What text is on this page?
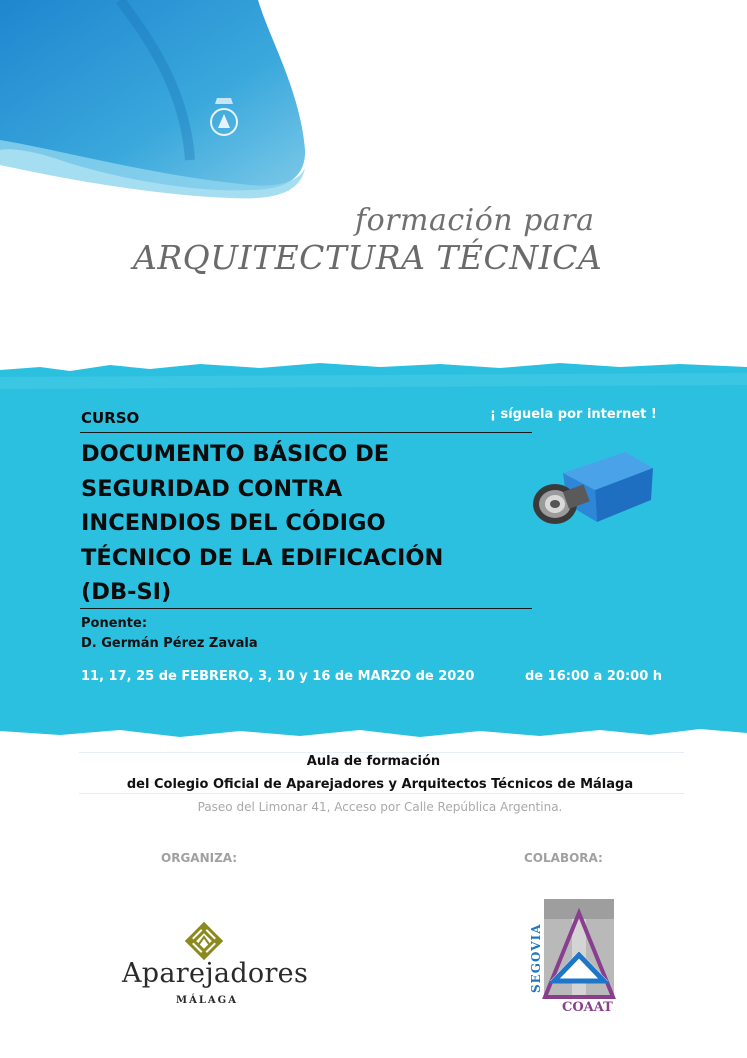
formación para
ARQUITECTURA TÉCNICA
CURSO	¡ síguela por internet !
DOCUMENTO BÁSICO DE
SEGURIDAD CONTRA
INCENDIOS DEL CÓDIGO
TÉCNICO DE LA EDIFICACIÓN
(DB-SI)
Ponente:
D. Germán Pérez Zavala
11, 17, 25 de FEBRERO, 3, 10 y 16 de MARZO de 2020	de 16:00 a 20:00 h
Aula de formación
del Colegio Oficial de Aparejadores y Arquitectos Técnicos de Málaga
Paseo del Limonar 41, Acceso por Calle República Argentina.
ORGANIZA:	COLABORA:
Aparejadores
MÁLAGA
SEGOVIA
COAAT
